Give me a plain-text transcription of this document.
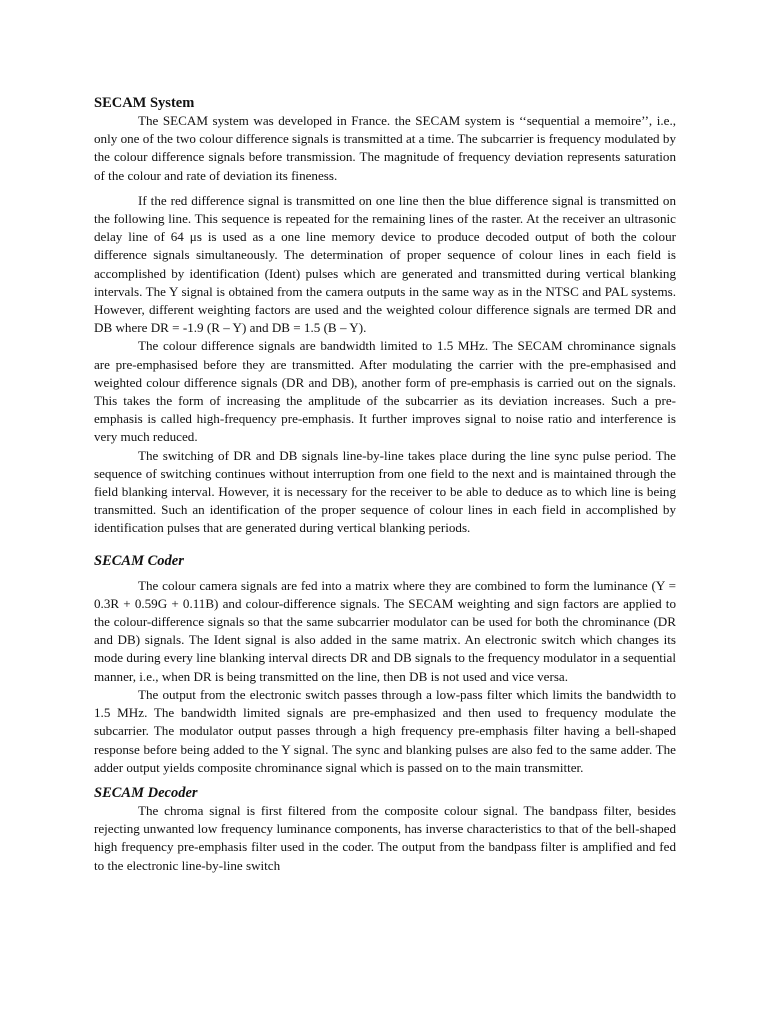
SECAM System

The SECAM system was developed in France. the SECAM system is ‘‘sequential a memoire’’, i.e., only one of the two colour difference signals is transmitted at a time. The subcarrier is frequency modulated by the colour difference signals before transmission. The magnitude of frequency deviation represents saturation of the colour and rate of deviation its fineness.

If the red difference signal is transmitted on one line then the blue difference signal is transmitted on the following line. This sequence is repeated for the remaining lines of the raster. At the receiver an ultrasonic delay line of 64 μs is used as a one line memory device to produce decoded output of both the colour difference signals simultaneously. The determination of proper sequence of colour lines in each field is accomplished by identification (Ident) pulses which are generated and transmitted during vertical blanking intervals. The Y signal is obtained from the camera outputs in the same way as in the NTSC and PAL systems. However, different weighting factors are used and the weighted colour difference signals are termed DR and DB where DR = -1.9 (R – Y) and DB = 1.5 (B – Y).

The colour difference signals are bandwidth limited to 1.5 MHz. The SECAM chrominance signals are pre-emphasised before they are transmitted. After modulating the carrier with the pre-emphasised and weighted colour difference signals (DR and DB), another form of pre-emphasis is carried out on the signals. This takes the form of increasing the amplitude of the subcarrier as its deviation increases. Such a pre-emphasis is called high-frequency pre-emphasis. It further improves signal to noise ratio and interference is very much reduced.

The switching of DR and DB signals line-by-line takes place during the line sync pulse period. The sequence of switching continues without interruption from one field to the next and is maintained through the field blanking interval. However, it is necessary for the receiver to be able to deduce as to which line is being transmitted. Such an identification of the proper sequence of colour lines in each field in accomplished by identification pulses that are generated during vertical blanking periods.

SECAM Coder

The colour camera signals are fed into a matrix where they are combined to form the luminance (Y = 0.3R + 0.59G + 0.11B) and colour-difference signals. The SECAM weighting and sign factors are applied to the colour-difference signals so that the same subcarrier modulator can be used for both the chrominance (DR and DB) signals. The Ident signal is also added in the same matrix. An electronic switch which changes its mode during every line blanking interval directs DR and DB signals to the frequency modulator in a sequential manner, i.e., when DR is being transmitted on the line, then DB is not used and vice versa.

The output from the electronic switch passes through a low-pass filter which limits the bandwidth to 1.5 MHz. The bandwidth limited signals are pre-emphasized and then used to frequency modulate the subcarrier. The modulator output passes through a high frequency pre-emphasis filter having a bell-shaped response before being added to the Y signal. The sync and blanking pulses are also fed to the same adder. The adder output yields composite chrominance signal which is passed on to the main transmitter.

SECAM Decoder

The chroma signal is first filtered from the composite colour signal. The bandpass filter, besides rejecting unwanted low frequency luminance components, has inverse characteristics to that of the bell-shaped high frequency pre-emphasis filter used in the coder. The output from the bandpass filter is amplified and fed to the electronic line-by-line switch
